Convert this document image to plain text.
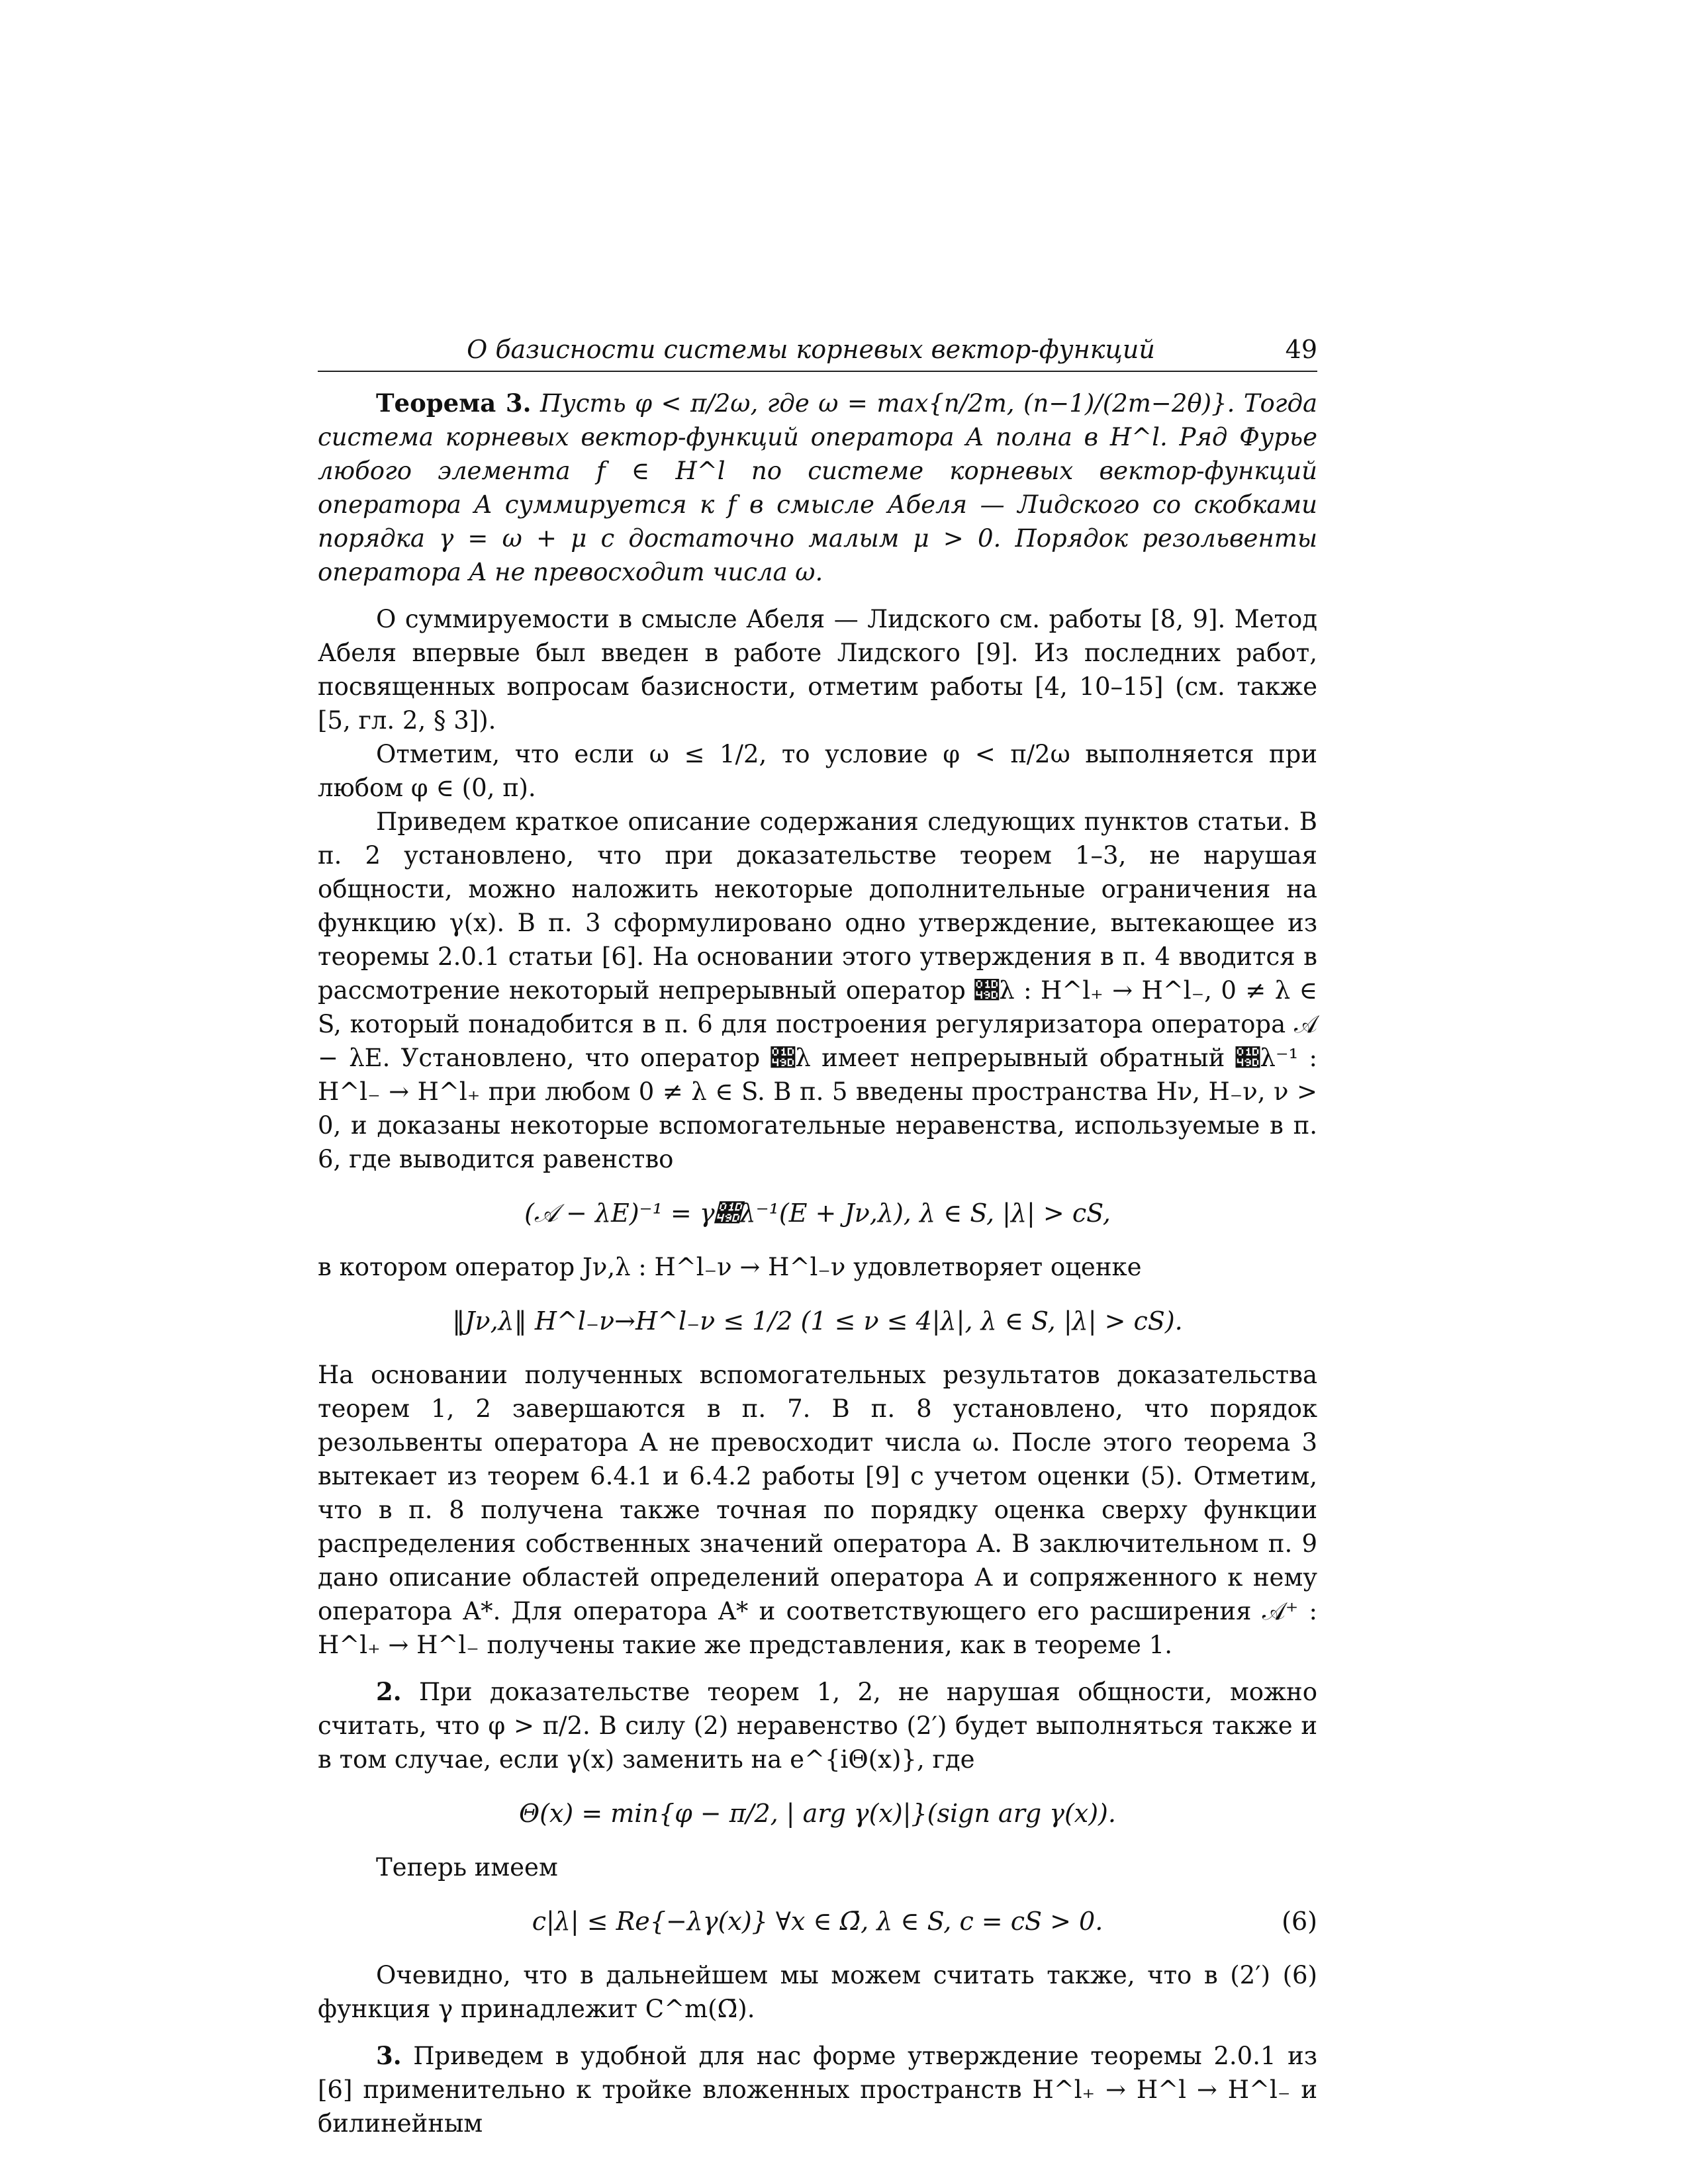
О базисности системы корневых вектор-функций	49

Теорема 3. Пусть φ < π/2ω, где ω = max{n/2m, (n−1)/(2m−2θ)}. Тогда система корневых вектор-функций оператора A полна в H^l. Ряд Фурье любого элемента f ∈ H^l по системе корневых вектор-функций оператора A суммируется к f в смысле Абеля — Лидского со скобками порядка γ = ω + μ с достаточно малым μ > 0. Порядок резольвенты оператора A не превосходит числа ω.

О суммируемости в смысле Абеля — Лидского см. работы [8, 9]. Метод Абеля впервые был введен в работе Лидского [9]. Из последних работ, посвященных вопросам базисности, отметим работы [4, 10–15] (см. также [5, гл. 2, § 3]).

Отметим, что если ω ≤ 1/2, то условие φ < π/2ω выполняется при любом φ ∈ (0, π).

Приведем краткое описание содержания следующих пунктов статьи. В п. 2 установлено, что при доказательстве теорем 1–3, не нарушая общности, можно наложить некоторые дополнительные ограничения на функцию γ(x). В п. 3 сформулировано одно утверждение, вытекающее из теоремы 2.0.1 статьи [6]. На основании этого утверждения в п. 4 вводится в рассмотрение некоторый непрерывный оператор 𝒝λ : H^l₊ → H^l₋, 0 ≠ λ ∈ S, который понадобится в п. 6 для построения регуляризатора оператора 𝒜 − λE. Установлено, что оператор 𝒝λ имеет непрерывный обратный 𝒝λ⁻¹ : H^l₋ → H^l₊ при любом 0 ≠ λ ∈ S. В п. 5 введены пространства Hν, H₋ν, ν > 0, и доказаны некоторые вспомогательные неравенства, используемые в п. 6, где выводится равенство

(𝒜 − λE)⁻¹ = γ𝒝λ⁻¹(E + Jν,λ), λ ∈ S, |λ| > cS,

в котором оператор Jν,λ : H^l₋ν → H^l₋ν удовлетворяет оценке

‖Jν,λ‖ H^l₋ν→H^l₋ν ≤ 1/2 (1 ≤ ν ≤ 4|λ|, λ ∈ S, |λ| > cS).

На основании полученных вспомогательных результатов доказательства теорем 1, 2 завершаются в п. 7. В п. 8 установлено, что порядок резольвенты оператора A не превосходит числа ω. После этого теорема 3 вытекает из теорем 6.4.1 и 6.4.2 работы [9] с учетом оценки (5). Отметим, что в п. 8 получена также точная по порядку оценка сверху функции распределения собственных значений оператора A. В заключительном п. 9 дано описание областей определений оператора A и сопряженного к нему оператора A*. Для оператора A* и соответствующего его расширения 𝒜⁺ : H^l₊ → H^l₋ получены такие же представления, как в теореме 1.

2. При доказательстве теорем 1, 2, не нарушая общности, можно считать, что φ > π/2. В силу (2) неравенство (2′) будет выполняться также и в том случае, если γ(x) заменить на e^{iΘ(x)}, где

Θ(x) = min{φ − π/2, | arg γ(x)|}(sign arg γ(x)).

Теперь имеем

c|λ| ≤ Re{−λγ(x)} ∀x ∈ Ω̄, λ ∈ S, c = cS > 0.	(6)

Очевидно, что в дальнейшем мы можем считать также, что в (2′) (6) функция γ принадлежит C^m(Ω̄).

3. Приведем в удобной для нас форме утверждение теоремы 2.0.1 из [6] применительно к тройке вложенных пространств H^l₊ → H^l → H^l₋ и билинейным
